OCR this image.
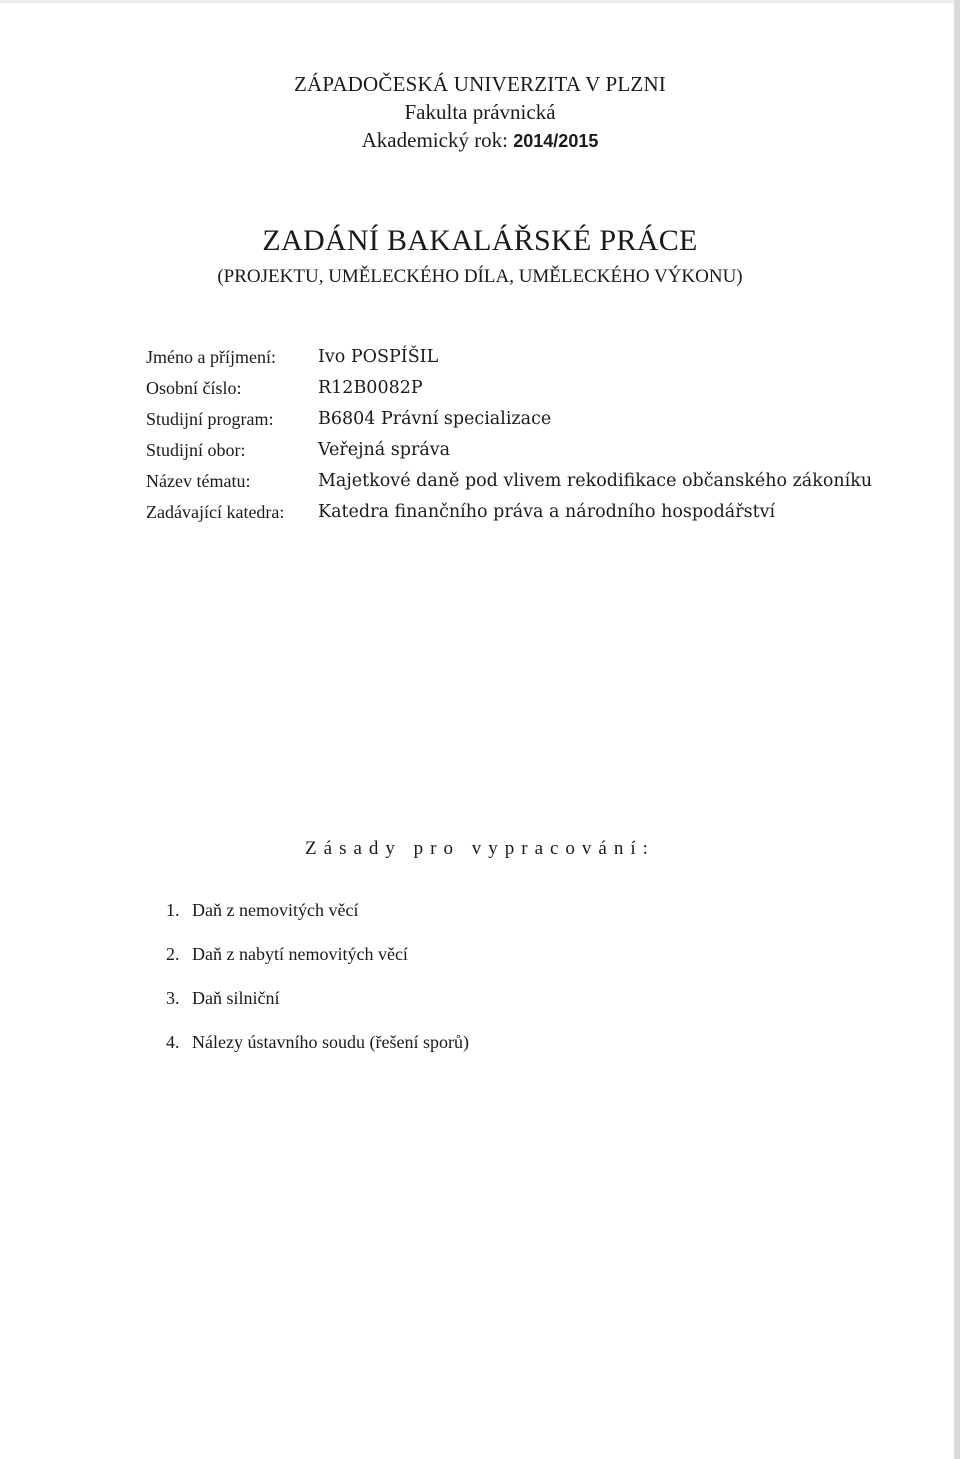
ZÁPADOČESKÁ UNIVERZITA V PLZNI
Fakulta právnická
Akademický rok: 2014/2015
ZADÁNÍ BAKALÁŘSKÉ PRÁCE
(PROJEKTU, UMĚLECKÉHO DÍLA, UMĚLECKÉHO VÝKONU)
Jméno a příjmení:	Ivo POSPÍŠIL
Osobní číslo:	R12B0082P
Studijní program:	B6804 Právní specializace
Studijní obor:	Veřejná správa
Název tématu:	Majetkové daně pod vlivem rekodifikace občanského zákoníku
Zadávající katedra:	Katedra finančního práva a národního hospodářství
Zásady pro vypracování:
1. Daň z nemovitých věcí
2. Daň z nabytí nemovitých věcí
3. Daň silniční
4. Nálezy ústavního soudu (řešení sporů)
